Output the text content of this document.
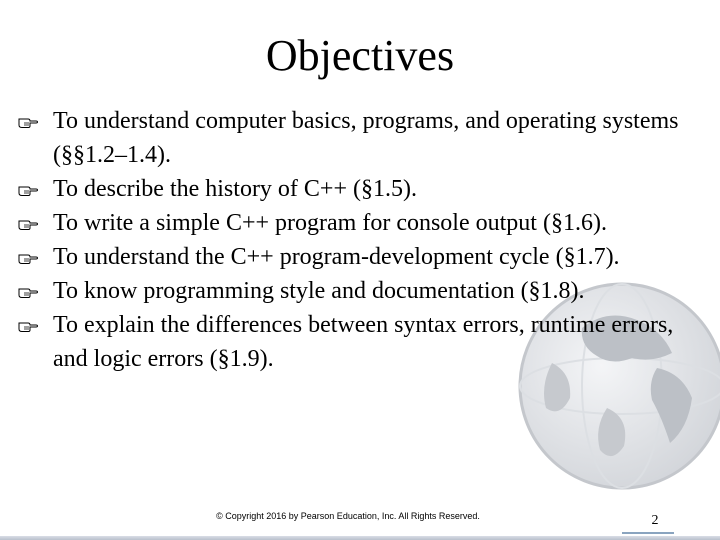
Objectives
To understand computer basics, programs, and operating systems (§§1.2–1.4).
To describe the history of C++ (§1.5).
To write a simple C++ program for console output (§1.6).
To understand the C++ program-development cycle (§1.7).
To know programming style and documentation (§1.8).
To explain the differences between syntax errors, runtime errors, and logic errors (§1.9).
© Copyright 2016 by Pearson Education, Inc. All Rights Reserved.	2
